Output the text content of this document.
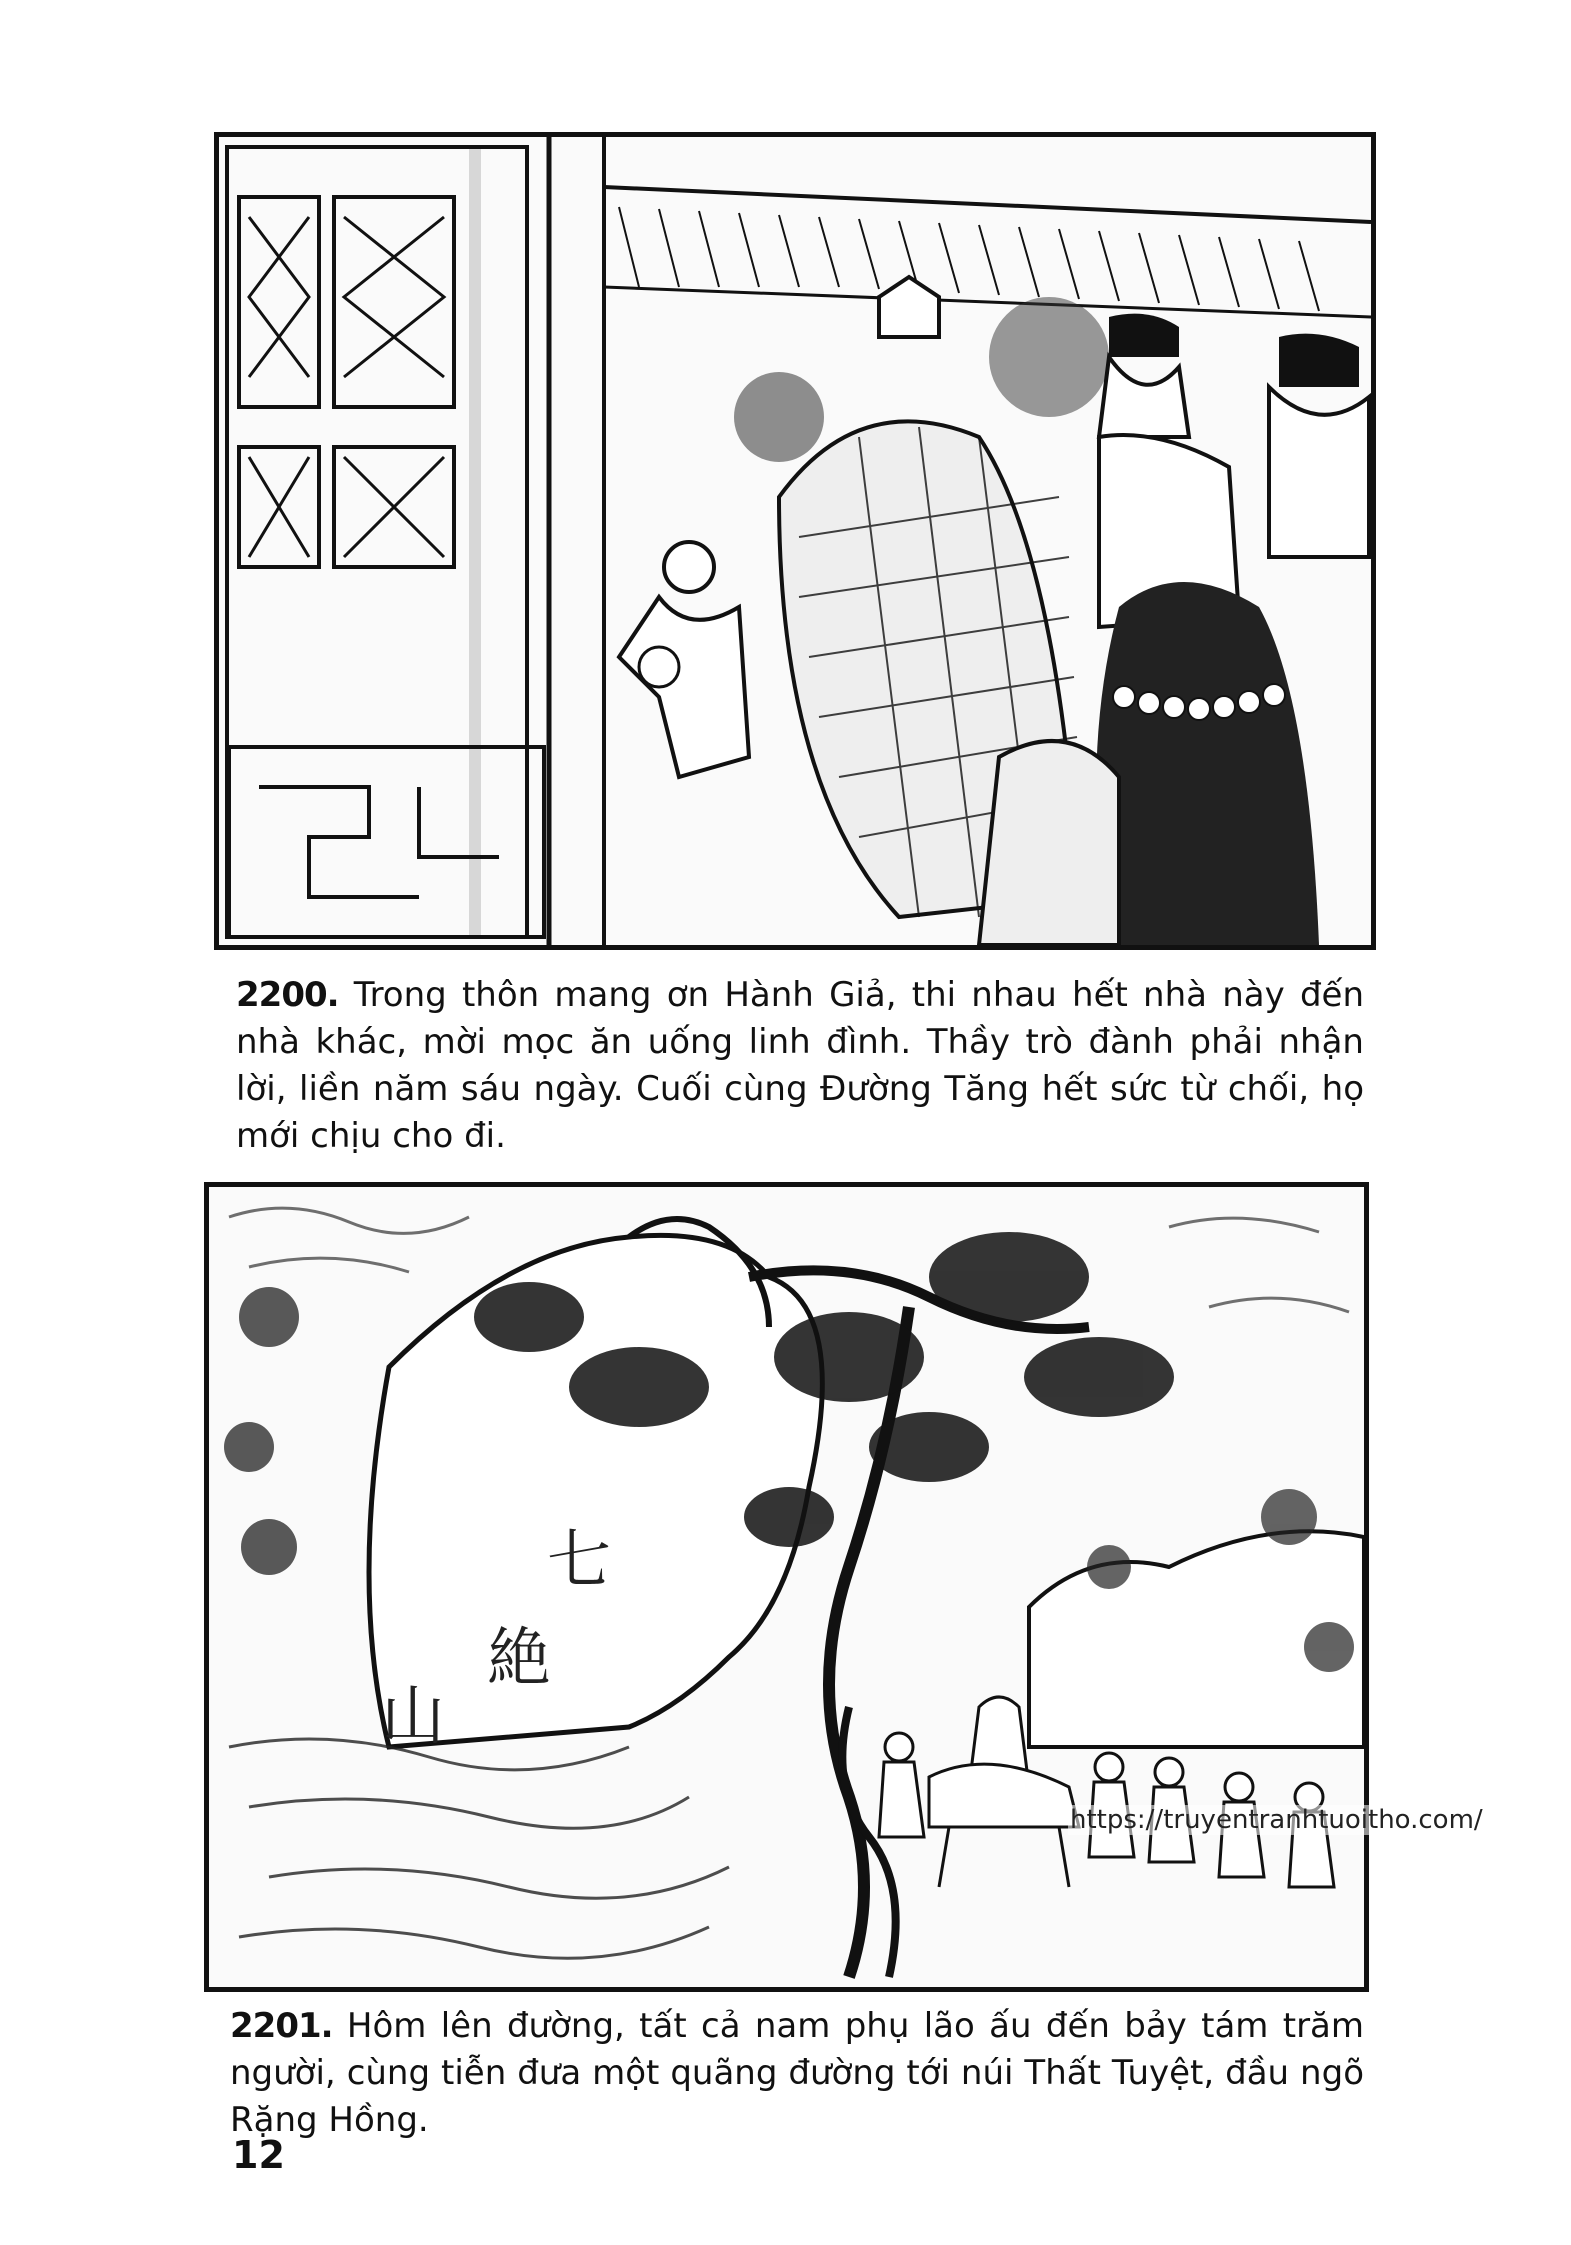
2200. Trong thôn mang ơn Hành Giả, thi nhau hết nhà này đến nhà khác, mời mọc ăn uống linh đình. Thầy trò đành phải nhận lời, liền năm sáu ngày. Cuối cùng Đường Tăng hết sức từ chối, họ mới chịu cho đi.
七
絶
山
https://truyentranhtuoitho.com/
2201. Hôm lên đường, tất cả nam phụ lão ấu đến bảy tám trăm người, cùng tiễn đưa một quãng đường tới núi Thất Tuyệt, đầu ngõ Rặng Hồng.
12
